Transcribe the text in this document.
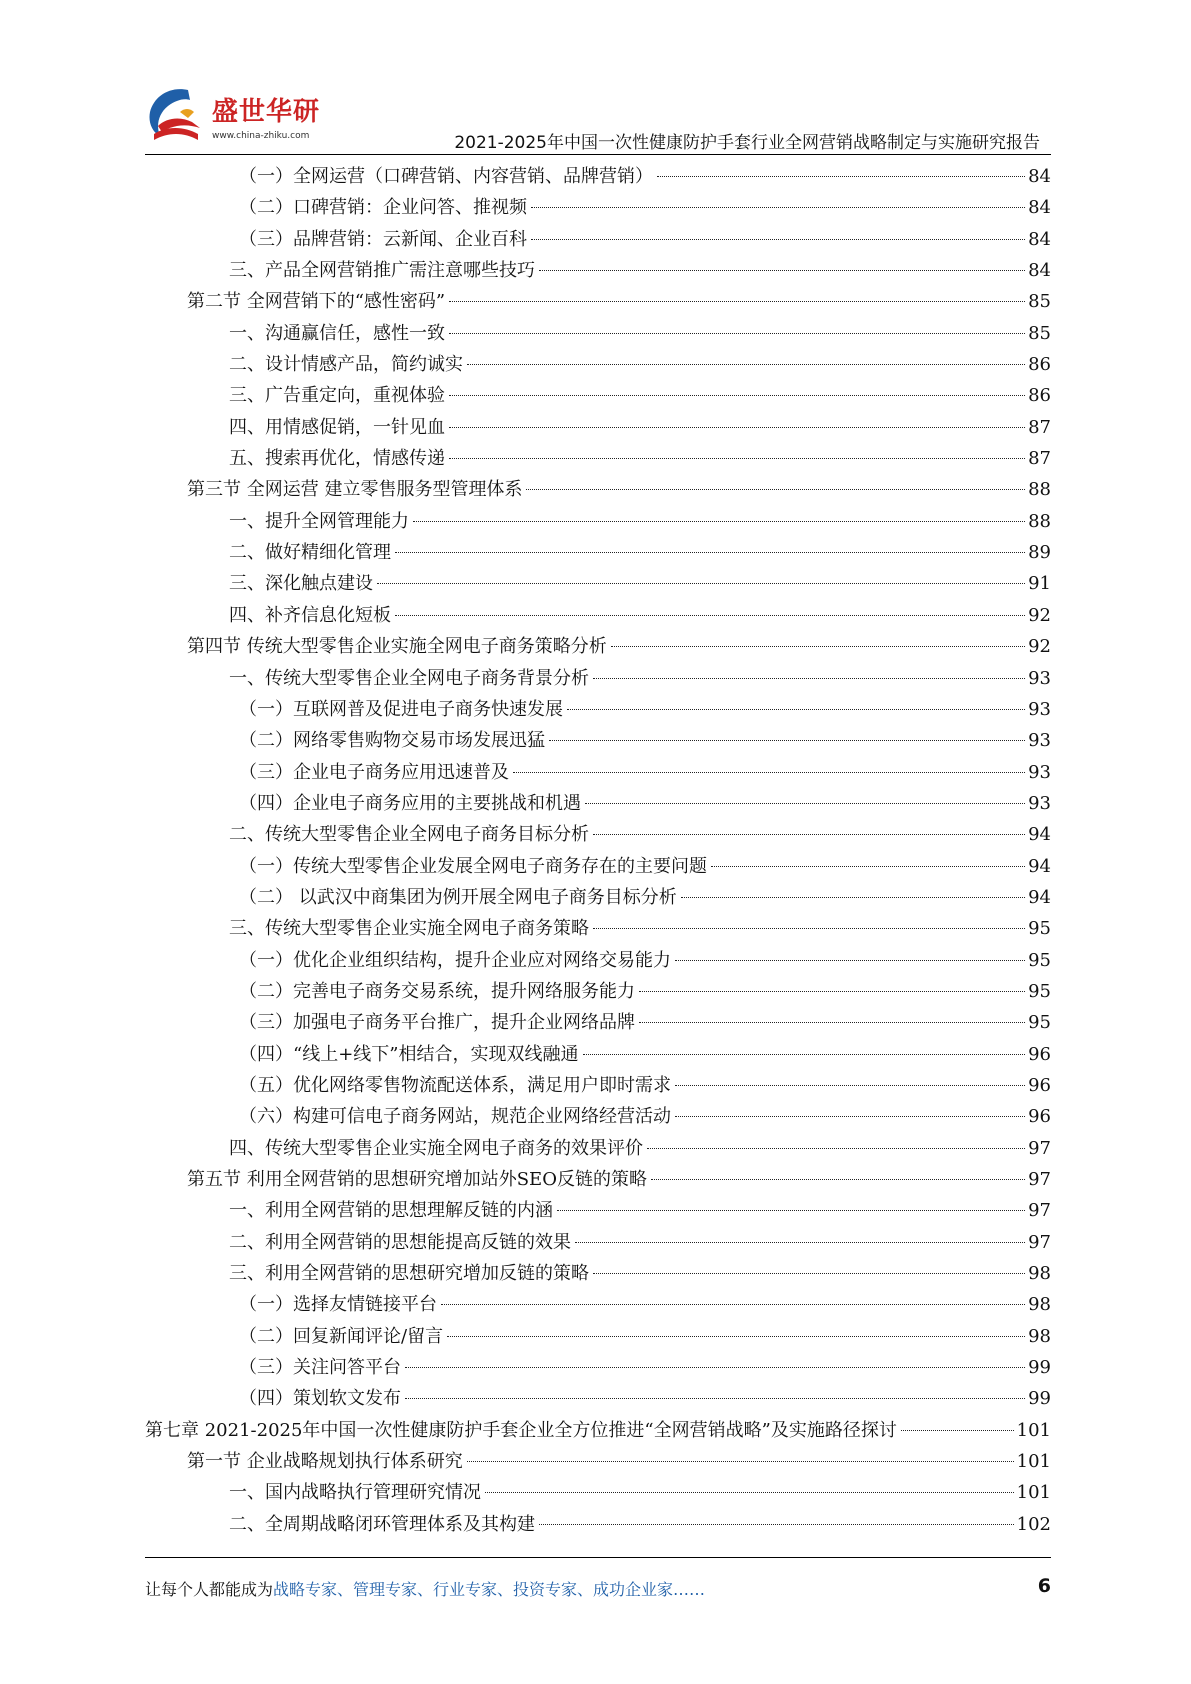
盛世华研
www.china-zhiku.com	2021-2025年中国一次性健康防护手套行业全网营销战略制定与实施研究报告
（一）全网运营（口碑营销、内容营销、品牌营销）	84
（二）口碑营销：企业问答、推视频	84
（三）品牌营销：云新闻、企业百科	84
三、产品全网营销推广需注意哪些技巧	84
第二节 全网营销下的“感性密码”	85
一、沟通赢信任，感性一致	85
二、设计情感产品，简约诚实	86
三、广告重定向，重视体验	86
四、用情感促销，一针见血	87
五、搜索再优化，情感传递	87
第三节 全网运营 建立零售服务型管理体系	88
一、提升全网管理能力	88
二、做好精细化管理	89
三、深化触点建设	91
四、补齐信息化短板	92
第四节 传统大型零售企业实施全网电子商务策略分析	92
一、传统大型零售企业全网电子商务背景分析	93
（一）互联网普及促进电子商务快速发展	93
（二）网络零售购物交易市场发展迅猛	93
（三）企业电子商务应用迅速普及	93
（四）企业电子商务应用的主要挑战和机遇	93
二、传统大型零售企业全网电子商务目标分析	94
（一）传统大型零售企业发展全网电子商务存在的主要问题	94
（二） 以武汉中商集团为例开展全网电子商务目标分析	94
三、传统大型零售企业实施全网电子商务策略	95
（一）优化企业组织结构，提升企业应对网络交易能力	95
（二）完善电子商务交易系统，提升网络服务能力	95
（三）加强电子商务平台推广，提升企业网络品牌	95
（四）“线上+线下”相结合，实现双线融通	96
（五）优化网络零售物流配送体系，满足用户即时需求	96
（六）构建可信电子商务网站，规范企业网络经营活动	96
四、传统大型零售企业实施全网电子商务的效果评价	97
第五节 利用全网营销的思想研究增加站外SEO反链的策略	97
一、利用全网营销的思想理解反链的内涵	97
二、利用全网营销的思想能提高反链的效果	97
三、利用全网营销的思想研究增加反链的策略	98
（一）选择友情链接平台	98
（二）回复新闻评论/留言	98
（三）关注问答平台	99
（四）策划软文发布	99
第七章 2021-2025年中国一次性健康防护手套企业全方位推进“全网营销战略”及实施路径探讨	101
第一节 企业战略规划执行体系研究	101
一、国内战略执行管理研究情况	101
二、全周期战略闭环管理体系及其构建	102
让每个人都能成为战略专家、管理专家、行业专家、投资专家、成功企业家……	6
